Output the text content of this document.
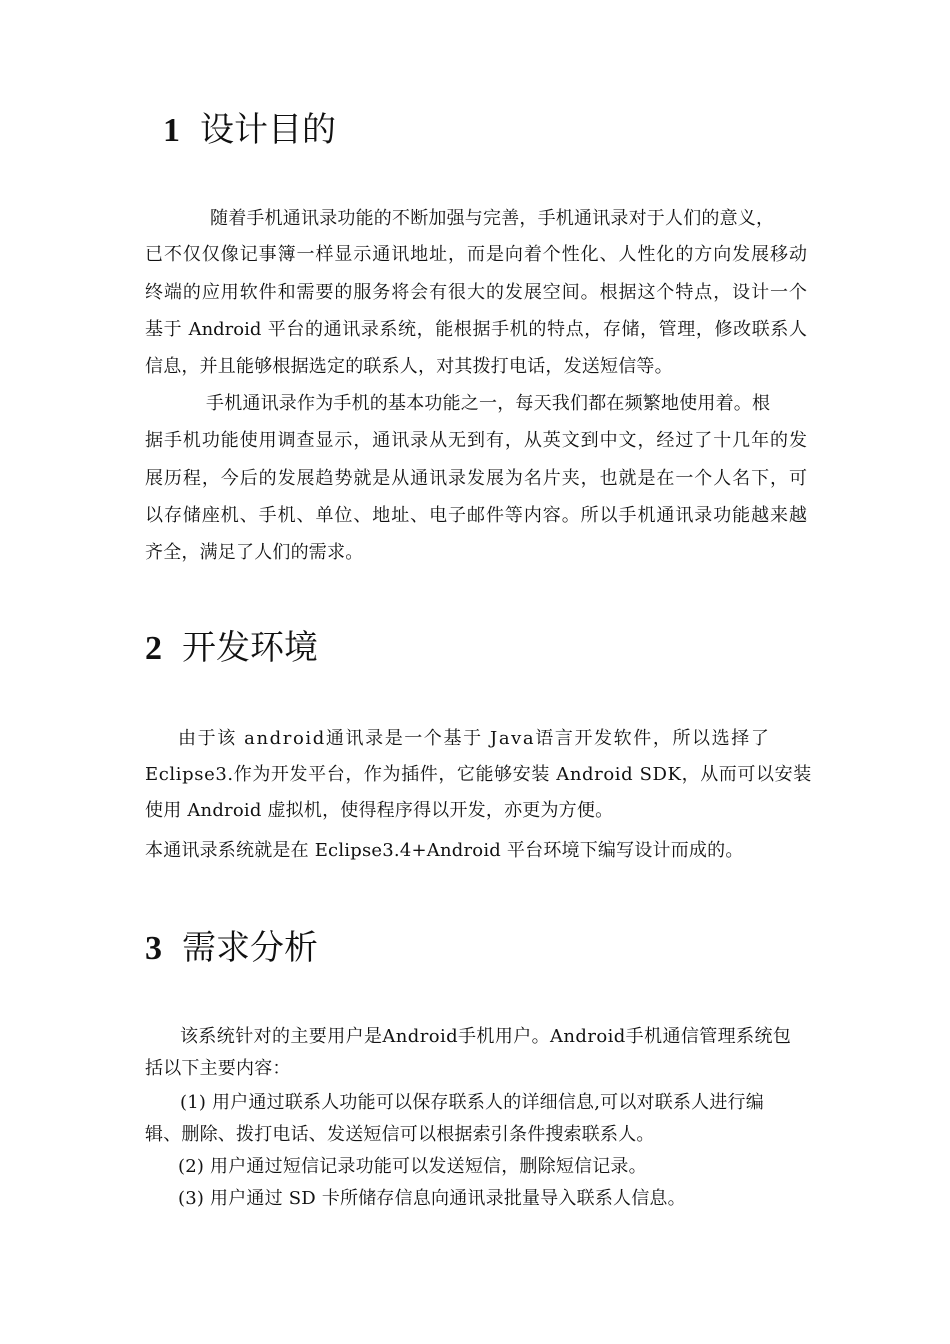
1 设计目的
随着手机通讯录功能的不断加强与完善，手机通讯录对于人们的意义，
已不仅仅像记事簿一样显示通讯地址，而是向着个性化、人性化的方向发展移动
终端的应用软件和需要的服务将会有很大的发展空间。根据这个特点，设计一个
基于 Android 平台的通讯录系统，能根据手机的特点，存储，管理，修改联系人
信息，并且能够根据选定的联系人，对其拨打电话，发送短信等。
手机通讯录作为手机的基本功能之一，每天我们都在频繁地使用着。根
据手机功能使用调查显示，通讯录从无到有，从英文到中文，经过了十几年的发
展历程，今后的发展趋势就是从通讯录发展为名片夹，也就是在一个人名下，可
以存储座机、手机、单位、地址、电子邮件等内容。所以手机通讯录功能越来越
齐全，满足了人们的需求。
2 开发环境
由于该 android通讯录是一个基于 Java语言开发软件，所以选择了
Eclipse3.作为开发平台，作为插件，它能够安装 Android SDK，从而可以安装
使用 Android 虚拟机，使得程序得以开发，亦更为方便。
本通讯录系统就是在 Eclipse3.4+Android 平台环境下编写设计而成的。
3 需求分析
该系统针对的主要用户是Android手机用户。Android手机通信管理系统包
括以下主要内容：
(1) 用户通过联系人功能可以保存联系人的详细信息,可以对联系人进行编
辑、删除、拨打电话、发送短信可以根据索引条件搜索联系人。
(2) 用户通过短信记录功能可以发送短信，删除短信记录。
(3) 用户通过 SD 卡所储存信息向通讯录批量导入联系人信息。
